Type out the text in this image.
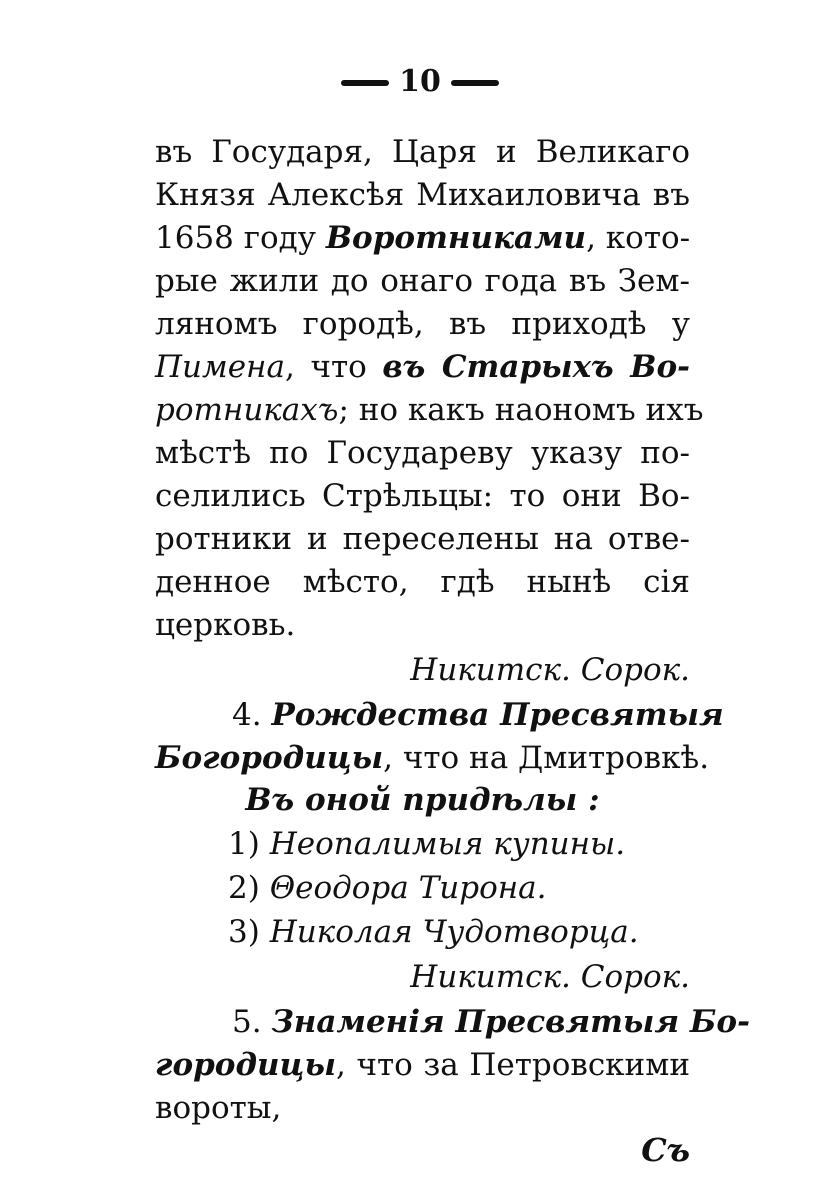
10
въ Государя, Царя и Великаго
Князя Алексѣя Михаиловича въ
1658 году Воротниками, кото-
рые жили до онаго года въ Зем-
ляномъ городѣ, въ приходѣ у
Пимена, что въ Старыхъ Во-
ротникахъ; но какъ наономъ ихъ
мѣстѣ по Государеву указу по-
селились Стрѣльцы: то они Во-
ротники и переселены на отве-
денное мѣсто, гдѣ нынѣ сія
церковь.
Никитск. Сорок.
4. Рождества Пресвятыя
Богородицы, что на Дмитровкѣ.
Въ оной придѣлы :
1) Неопалимыя купины.
2) Θеодора Тирона.
3) Николая Чудотворца.
Никитск. Сорок.
5. Знаменія Пресвятыя Бо-
городицы, что за Петровскими
вороты,
Съ
